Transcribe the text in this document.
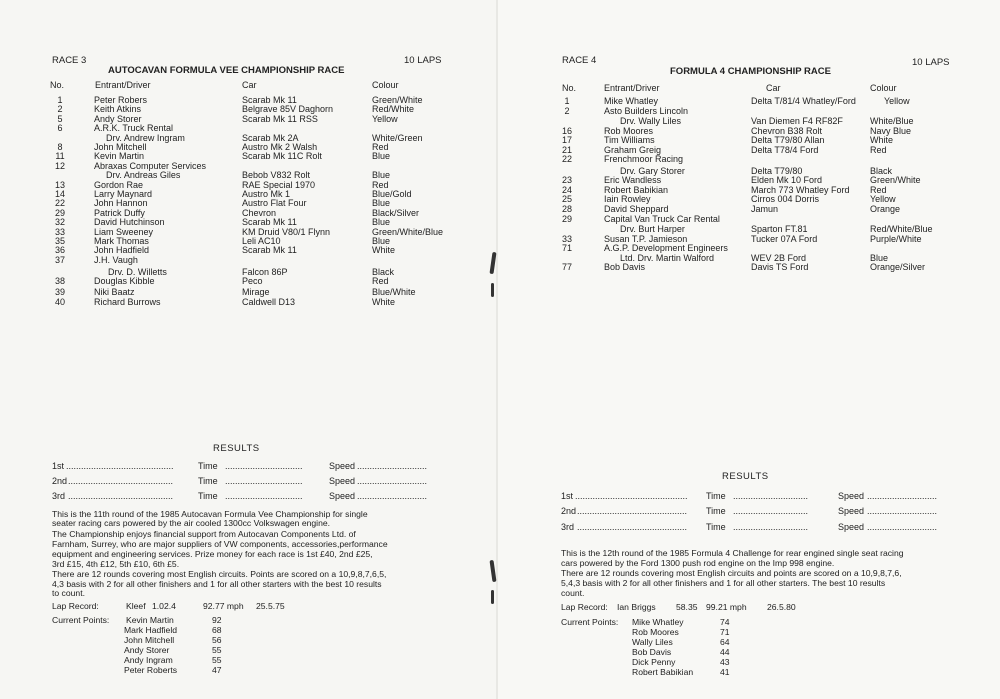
RACE 3	10 LAPS
AUTOCAVAN FORMULA VEE CHAMPIONSHIP RACE
No.	Entrant/Driver	Car	Colour
1	Peter Robers	Scarab Mk 11	Green/White
2	Keith Atkins	Belgrave 85V Daghorn	Red/White
5	Andy Storer	Scarab Mk 11 RSS	Yellow
6	A.R.K. Truck Rental
Drv. Andrew Ingram	Scarab Mk 2A	White/Green
8	John Mitchell	Austro Mk 2 Walsh	Red
11	Kevin Martin	Scarab Mk 11C Rolt	Blue
12	Abraxas Computer Services
Drv. Andreas Giles	Bebob V832 Rolt	Blue
13	Gordon Rae	RAE Special 1970	Red
14	Larry Maynard	Austro Mk 1	Blue/Gold
22	John Hannon	Austro Flat Four	Blue
29	Patrick Duffy	Chevron	Black/Silver
32	David Hutchinson	Scarab Mk 11	Blue
33	Liam Sweeney	KM Druid V80/1 Flynn	Green/White/Blue
35	Mark Thomas	Leli AC10	Blue
36	John Hadfield	Scarab Mk 11	White
37	J.H. Vaugh
Drv. D. Willetts	Falcon 86P	Black
38	Douglas Kibble	Peco	Red
39	Niki Baatz	Mirage	Blue/White
40	Richard Burrows	Caldwell D13	White
RESULTS
1st ...........................................	Time ...............................	Speed ............................
2nd ..........................................	Time ...............................	Speed ............................
3rd ..........................................	Time ...............................	Speed ............................
This is the 11th round of the 1985 Autocavan Formula Vee Championship for single
seater racing cars powered by the air cooled 1300cc Volkswagen engine.
The Championship enjoys financial support from Autocavan Components Ltd. of
Farnham, Surrey, who are major suppliers of VW components, accessories,performance
equipment and engineering services. Prize money for each race is 1st £40, 2nd £25,
3rd £15, 4th £12, 5th £10, 6th £5.
There are 12 rounds covering most English circuits. Points are scored on a 10,9,8,7,6,5,
4,3 basis with 2 for all other finishers and 1 for all other starters with the best 10 results
to count.
Lap Record:	Kleef 1.02.4	92.77 mph 25.5.75
Current Points: Kevin Martin	92
Mark Hadfield	68
John Mitchell	56
Andy Storer	55
Andy Ingram	55
Peter Roberts	47
RACE 4	10 LAPS
FORMULA 4 CHAMPIONSHIP RACE
No.	Entrant/Driver	Car	Colour
1	Mike Whatley	Delta T/81/4 Whatley/Ford	Yellow
2	Asto Builders Lincoln
Drv. Wally Liles	Van Diemen F4 RF82F	White/Blue
16	Rob Moores	Chevron B38 Rolt	Navy Blue
17	Tim Williams	Delta T79/80 Allan	White
21	Graham Greig	Delta T78/4 Ford	Red
22	Frenchmoor Racing
Drv. Gary Storer	Delta T79/80	Black
23	Eric Wandless	Elden Mk 10 Ford	Green/White
24	Robert Babikian	March 773 Whatley Ford Red
25	Iain Rowley	Cirros 004 Dorris	Yellow
28	David Sheppard	Jamun	Orange
29	Capital Van Truck Car Rental
Drv. Burt Harper	Sparton FT.81	Red/White/Blue
33	Susan T.P. Jamieson	Tucker 07A Ford	Purple/White
71	A.G.P. Development Engineers
Ltd. Drv. Martin Walford	WEV 2B Ford	Blue
77	Bob Davis	Davis TS Ford	Orange/Silver
RESULTS
1st ............................................. Time ..............................	Speed ............................
2nd ............................................ Time ..............................	Speed ............................
3rd ............................................ Time ..............................	Speed ............................
This is the 12th round of the 1985 Formula 4 Challenge for rear engined single seat racing
cars powered by the Ford 1300 push rod engine on the Imp 998 engine.
There are 12 rounds covering most English circuits and points are scored on a 10,9,8,7,6,
5,4,3 basis with 2 for all other finishers and 1 for all other starters. The best 10 results
count.
Lap Record: Ian Briggs 58.35 99.21 mph 26.5.80
Current Points: Mike Whatley	74
Rob Moores	71
Wally Liles	64
Bob Davis	44
Dick Penny	43
Robert Babikian	41
